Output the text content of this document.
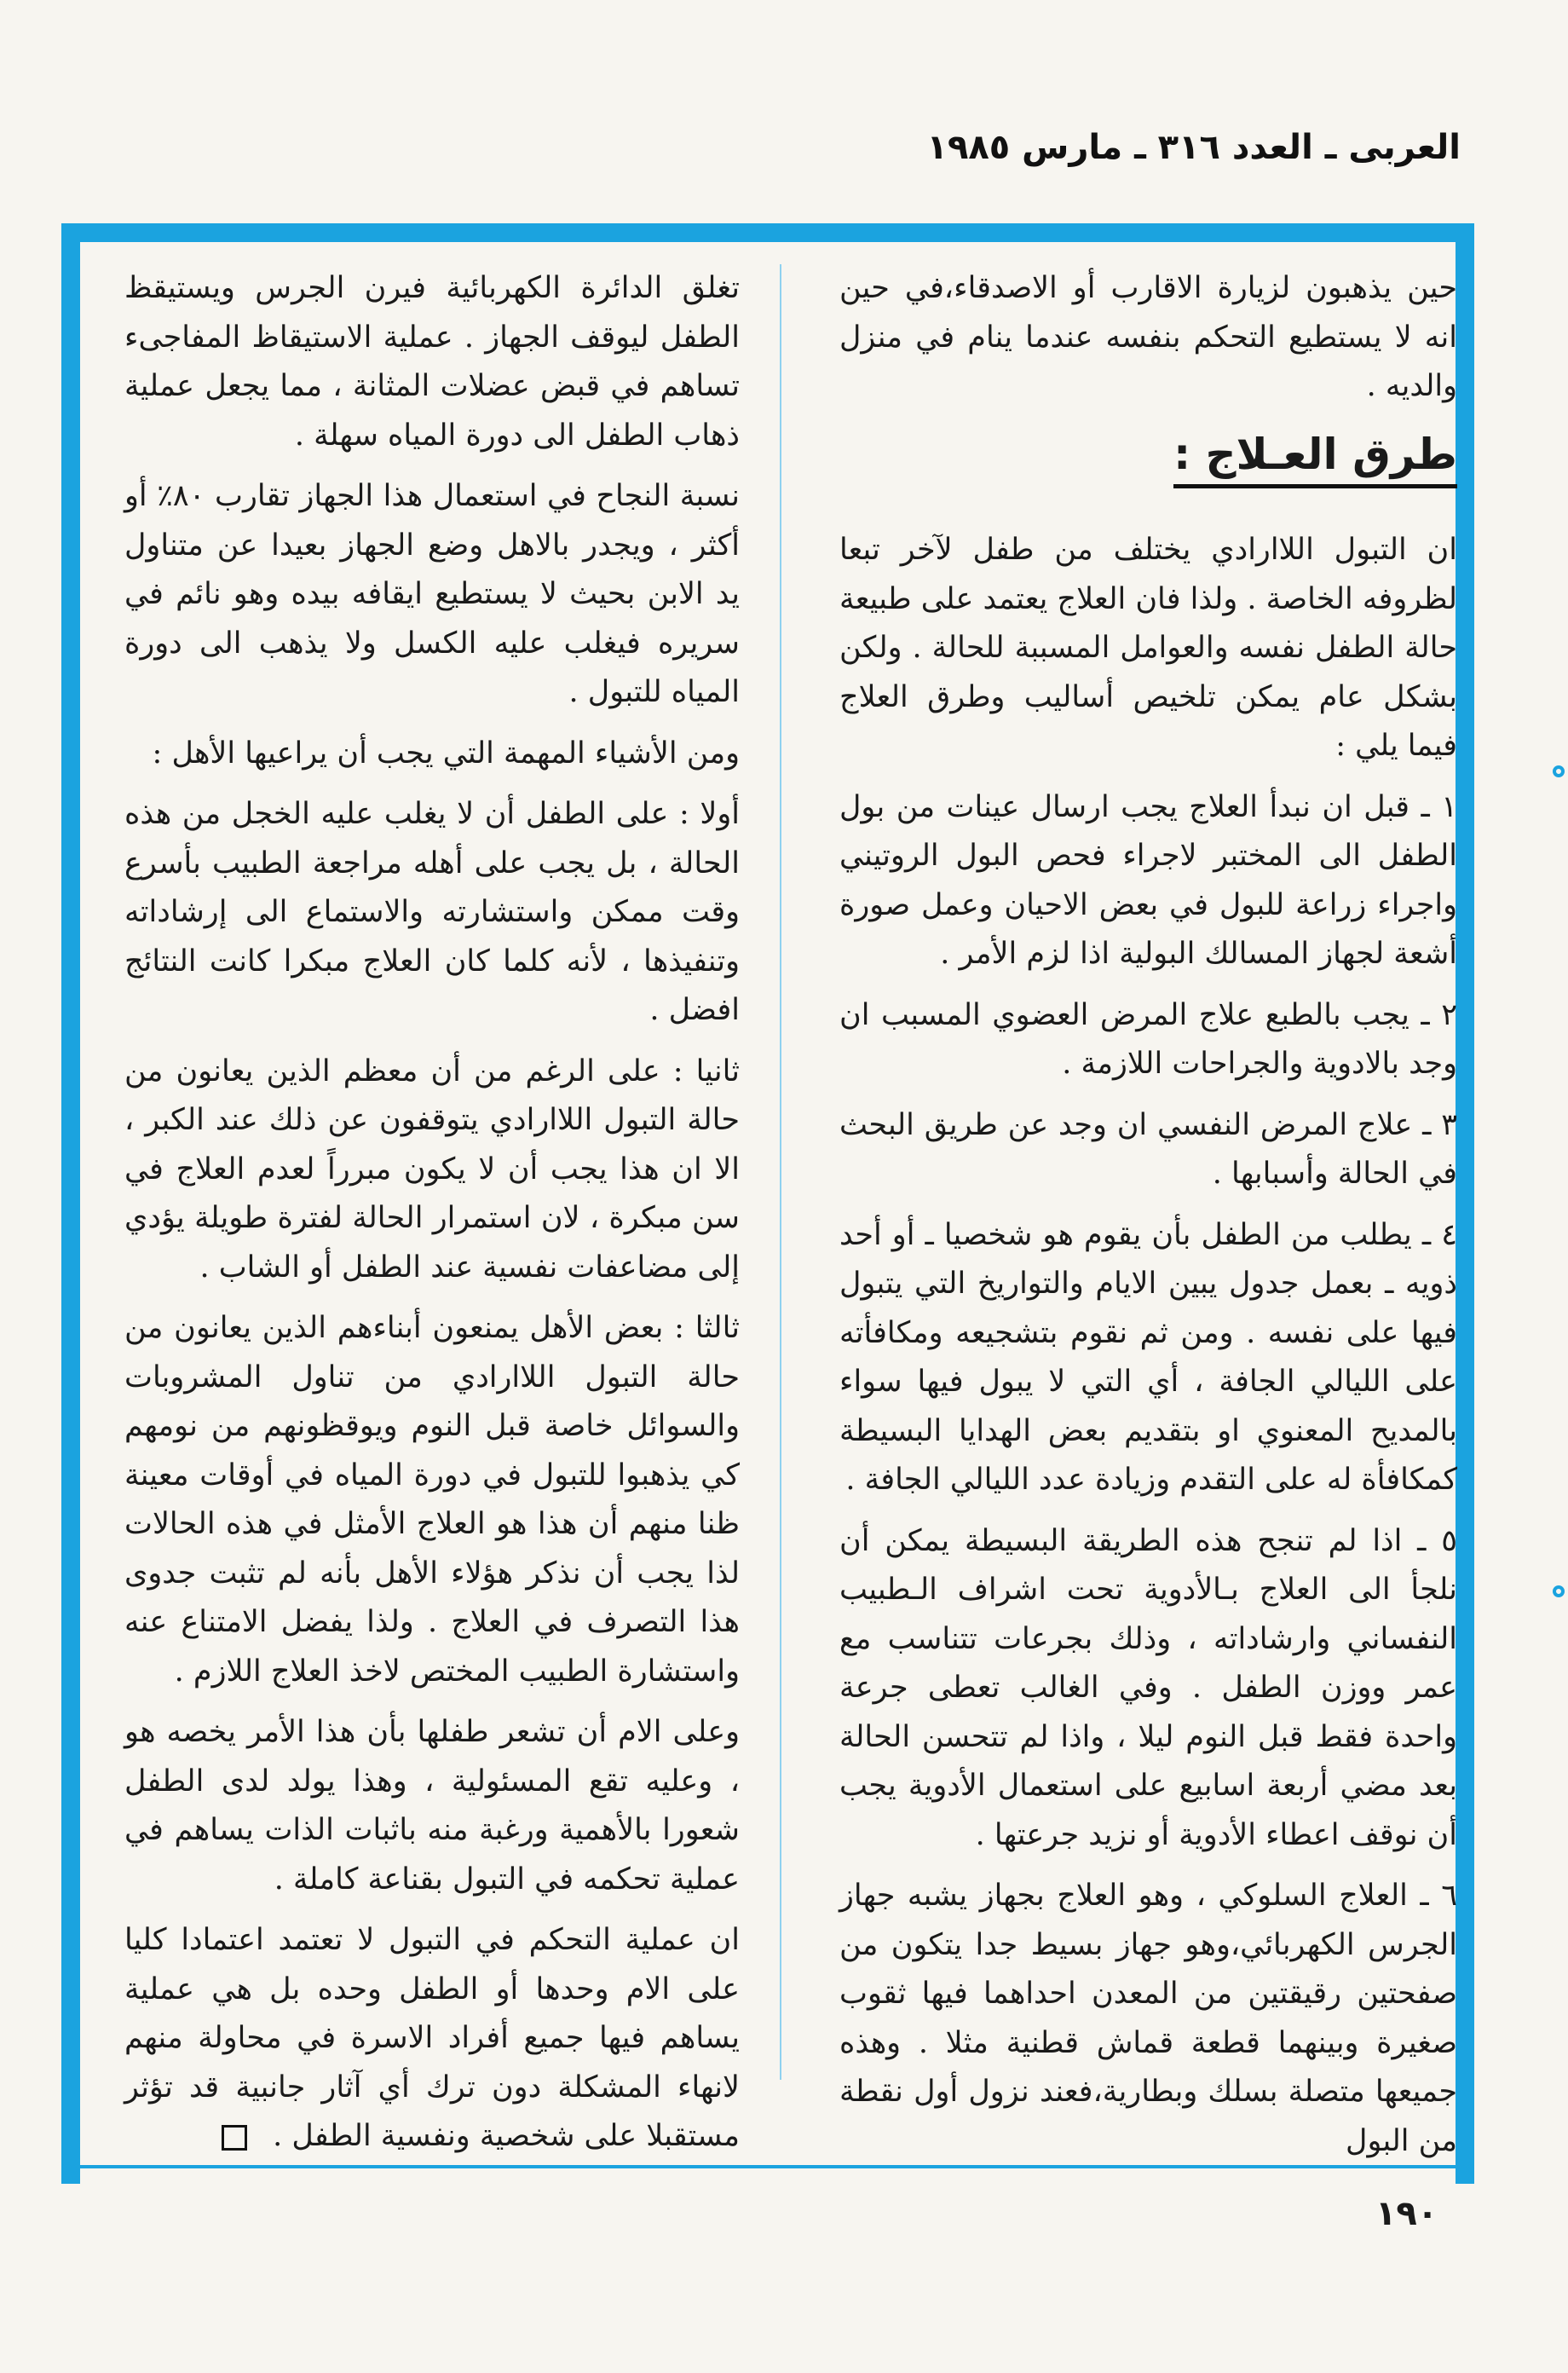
العربى ـ العدد ٣١٦ ـ مارس ١٩٨٥

حين يذهبون لزيارة الاقارب أو الاصدقاء،في حين انه لا يستطيع التحكم بنفسه عندما ينام في منزل والديه .

طرق العـلاج :

ان التبول اللاارادي يختلف من طفل لآخر تبعا لظروفه الخاصة . ولذا فان العلاج يعتمد على طبيعة حالة الطفل نفسه والعوامل المسببة للحالة . ولكن بشكل عام يمكن تلخيص أساليب وطرق العلاج فيما يلي :

١ ـ قبل ان نبدأ العلاج يجب ارسال عينات من بول الطفل الى المختبر لاجراء فحص البول الروتيني واجراء زراعة للبول في بعض الاحيان وعمل صورة أشعة لجهاز المسالك البولية اذا لزم الأمر .

٢ ـ يجب بالطبع علاج المرض العضوي المسبب ان وجد بالادوية والجراحات اللازمة .

٣ ـ علاج المرض النفسي ان وجد عن طريق البحث في الحالة وأسبابها .

٤ ـ يطلب من الطفل بأن يقوم هو شخصيا ـ أو أحد ذويه ـ بعمل جدول يبين الايام والتواريخ التي يتبول فيها على نفسه . ومن ثم نقوم بتشجيعه ومكافأته على الليالي الجافة ، أي التي لا يبول فيها سواء بالمديح المعنوي او بتقديم بعض الهدايا البسيطة كمكافأة له على التقدم وزيادة عدد الليالي الجافة .

٥ ـ اذا لم تنجح هذه الطريقة البسيطة يمكن أن نلجأ الى العلاج بـالأدوية تحت اشراف الـطبيب النفساني وارشاداته ، وذلك بجرعات تتناسب مع عمر ووزن الطفل . وفي الغالب تعطى جرعة واحدة فقط قبل النوم ليلا ، واذا لم تتحسن الحالة بعد مضي أربعة اسابيع على استعمال الأدوية يجب أن نوقف اعطاء الأدوية أو نزيد جرعتها .

٦ ـ العلاج السلوكي ، وهو العلاج بجهاز يشبه جهاز الجرس الكهربائي،وهو جهاز بسيط جدا يتكون من صفحتين رقيقتين من المعدن احداهما فيها ثقوب صغيرة وبينهما قطعة قماش قطنية مثلا . وهذه جميعها متصلة بسلك وبطارية،فعند نزول أول نقطة من البول

تغلق الدائرة الكهربائية فيرن الجرس ويستيقظ الطفل ليوقف الجهاز . عملية الاستيقاظ المفاجىء تساهم في قبض عضلات المثانة ، مما يجعل عملية ذهاب الطفل الى دورة المياه سهلة .

نسبة النجاح في استعمال هذا الجهاز تقارب ٨٠٪ أو أكثر ، ويجدر بالاهل وضع الجهاز بعيدا عن متناول يد الابن بحيث لا يستطيع ايقافه بيده وهو نائم في سريره فيغلب عليه الكسل ولا يذهب الى دورة المياه للتبول .

ومن الأشياء المهمة التي يجب أن يراعيها الأهل :

أولا : على الطفل أن لا يغلب عليه الخجل من هذه الحالة ، بل يجب على أهله مراجعة الطبيب بأسرع وقت ممكن واستشارته والاستماع الى إرشاداته وتنفيذها ، لأنه كلما كان العلاج مبكرا كانت النتائج افضل .

ثانيا : على الرغم من أن معظم الذين يعانون من حالة التبول اللاارادي يتوقفون عن ذلك عند الكبر ، الا ان هذا يجب أن لا يكون مبرراً لعدم العلاج في سن مبكرة ، لان استمرار الحالة لفترة طويلة يؤدي إلى مضاعفات نفسية عند الطفل أو الشاب .

ثالثا : بعض الأهل يمنعون أبناءهم الذين يعانون من حالة التبول اللاارادي من تناول المشروبات والسوائل خاصة قبل النوم ويوقظونهم من نومهم كي يذهبوا للتبول في دورة المياه في أوقات معينة ظنا منهم أن هذا هو العلاج الأمثل في هذه الحالات لذا يجب أن نذكر هؤلاء الأهل بأنه لم تثبت جدوى هذا التصرف في العلاج . ولذا يفضل الامتناع عنه واستشارة الطبيب المختص لاخذ العلاج اللازم .

وعلى الام أن تشعر طفلها بأن هذا الأمر يخصه هو ، وعليه تقع المسئولية ، وهذا يولد لدى الطفل شعورا بالأهمية ورغبة منه باثبات الذات يساهم في عملية تحكمه في التبول بقناعة كاملة .

ان عملية التحكم في التبول لا تعتمد اعتمادا كليا على الام وحدها أو الطفل وحده بل هي عملية يساهم فيها جميع أفراد الاسرة في محاولة منهم لانهاء المشكلة دون ترك أي آثار جانبية قد تؤثر مستقبلا على شخصية ونفسية الطفل .

١٩٠
